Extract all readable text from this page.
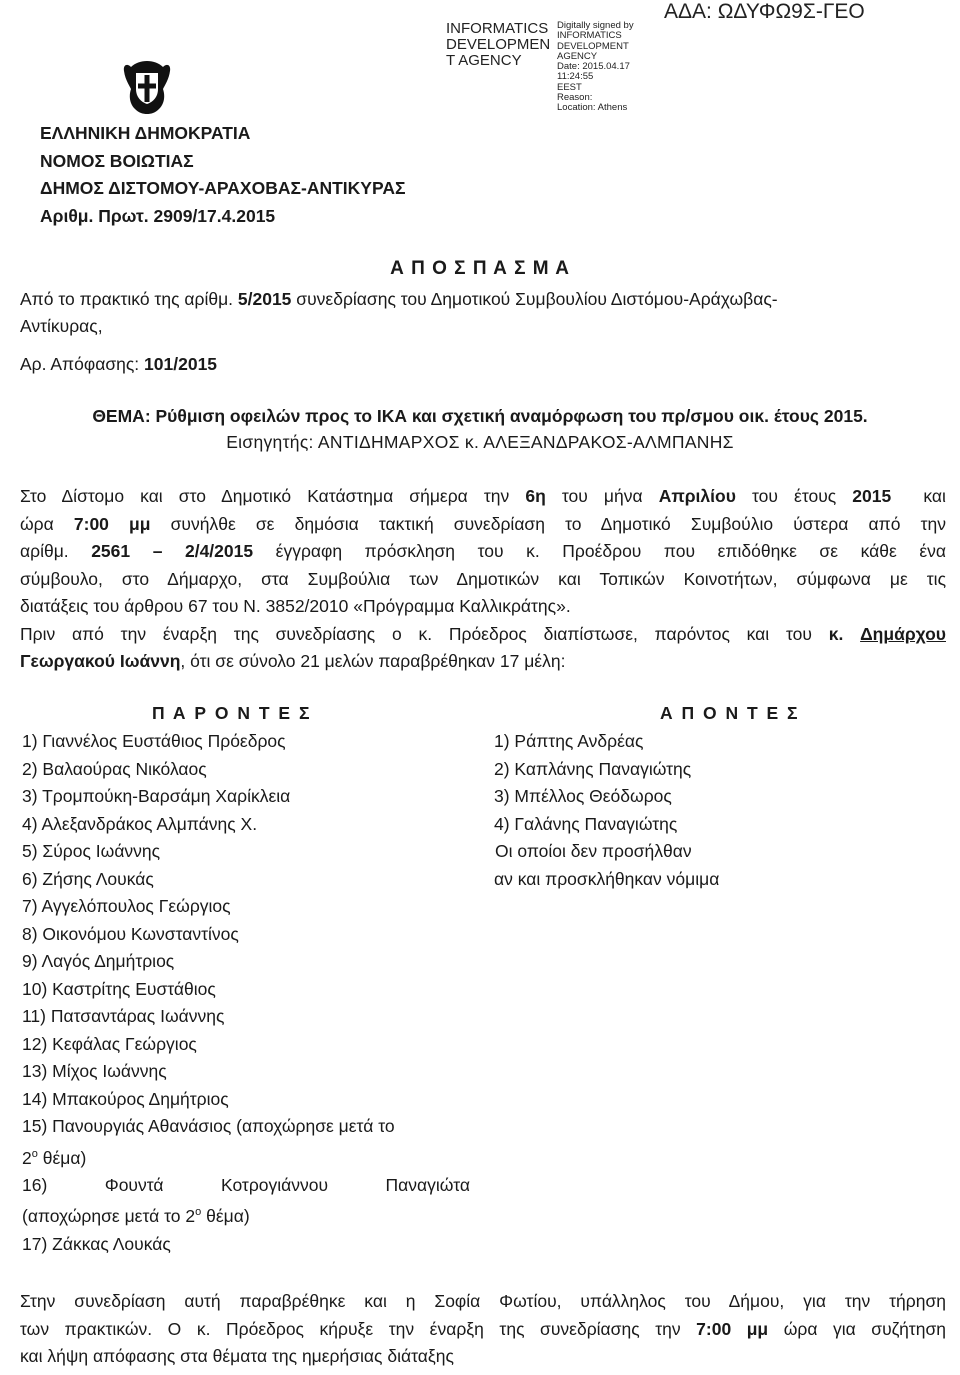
ΑΔΑ: ΩΔΥΦΩ9Σ-ΓΕΟ
INFORMATICS
DEVELOPMEN
T AGENCY
Digitally signed by
INFORMATICS
DEVELOPMENT AGENCY
Date: 2015.04.17 11:24:55
EEST
Reason:
Location: Athens
ΕΛΛΗΝΙΚΗ ΔΗΜΟΚΡΑΤΙΑ
ΝΟΜΟΣ ΒΟΙΩΤΙΑΣ
ΔΗΜΟΣ ΔΙΣΤΟΜΟΥ-ΑΡΑΧΟΒΑΣ-ΑΝΤΙΚΥΡΑΣ
Αριθμ. Πρωτ. 2909/17.4.2015
Α Π Ο Σ Π Α Σ Μ Α
Από το πρακτικό της αρίθμ. 5/2015 συνεδρίασης του Δημοτικού Συμβουλίου Διστόμου-Αράχωβας-
Αντίκυρας,
Αρ. Απόφασης: 101/2015
ΘΕΜΑ: Ρύθμιση οφειλών προς το ΙΚΑ και σχετική αναμόρφωση του πρ/σμου οικ. έτους 2015.
Εισηγητής: ΑΝΤΙΔΗΜΑΡΧΟΣ κ. ΑΛΕΞΑΝΔΡΑΚΟΣ-ΑΛΜΠΑΝΗΣ
Στο Δίστομο και στο Δημοτικό Κατάστημα σήμερα την 6η του μήνα Απριλίου του έτους 2015 και
ώρα 7:00 μμ συνήλθε σε δημόσια τακτική συνεδρίαση το Δημοτικό Συμβούλιο ύστερα από την
αρίθμ. 2561 – 2/4/2015 έγγραφη πρόσκληση του κ. Προέδρου που επιδόθηκε σε κάθε ένα
σύμβουλο, στο Δήμαρχο, στα Συμβούλια των Δημοτικών και Τοπικών Κοινοτήτων, σύμφωνα με τις
διατάξεις του άρθρου 67 του Ν. 3852/2010 «Πρόγραμμα Καλλικράτης».
Πριν από την έναρξη της συνεδρίασης ο κ. Πρόεδρος διαπίστωσε, παρόντος και του κ. Δημάρχου
Γεωργακού Ιωάννη, ότι σε σύνολο 21 μελών παραβρέθηκαν 17 μέλη:
Π Α Ρ Ο Ν Τ Ε Σ
1) Γιαννέλος Ευστάθιος Πρόεδρος
2) Βαλαούρας Νικόλαος
3) Τρομπούκη-Βαρσάμη Χαρίκλεια
4) Αλεξανδράκος Αλμπάνης Χ.
5) Σύρος Ιωάννης
6) Ζήσης Λουκάς
7) Αγγελόπουλος Γεώργιος
8) Οικονόμου Κωνσταντίνος
9) Λαγός Δημήτριος
10) Καστρίτης Ευστάθιος
11) Πατσαντάρας Ιωάννης
12) Κεφάλας Γεώργιος
13) Μίχος Ιωάννης
14) Μπακούρος Δημήτριος
15) Πανουργιάς Αθανάσιος (αποχώρησε μετά το
$2^o$ θέμα)
16) Φουντά Κοτρογιάννου Παναγιώτα
(αποχώρησε μετά το $2^o$ θέμα)
17) Ζάκκας Λουκάς
Α Π Ο Ν Τ Ε Σ
1) Ράπτης Ανδρέας
2) Καπλάνης Παναγιώτης
3) Μπέλλος Θεόδωρος
4) Γαλάνης Παναγιώτης
Οι οποίοι δεν προσήλθαν
αν και προσκλήθηκαν νόμιμα
Στην συνεδρίαση αυτή παραβρέθηκε και η Σοφία Φωτίου, υπάλληλος του Δήμου, για την τήρηση
των πρακτικών. Ο κ. Πρόεδρος κήρυξε την έναρξη της συνεδρίασης την 7:00 μμ ώρα για συζήτηση
και λήψη απόφασης στα θέματα της ημερήσιας διάταξης
